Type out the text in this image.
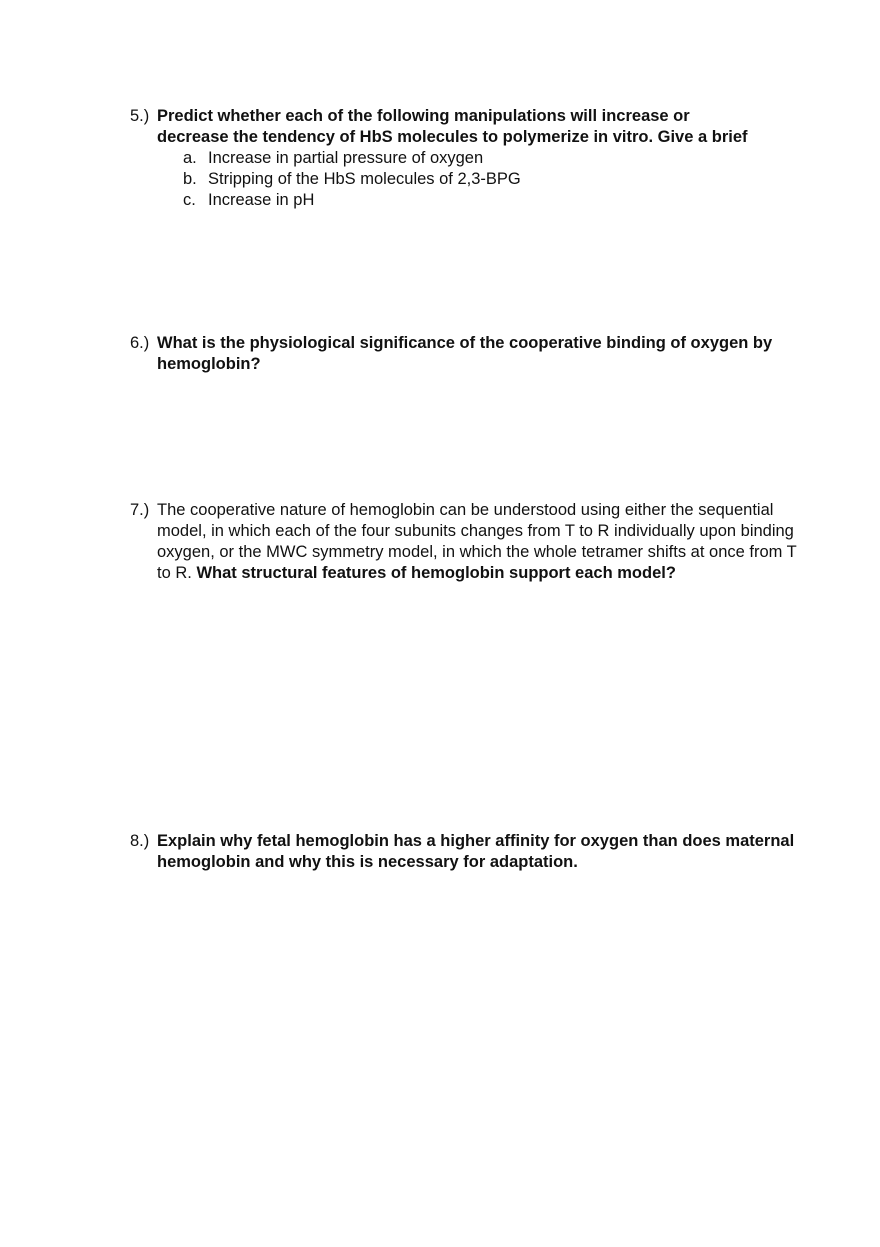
5.) Predict whether each of the following manipulations will increase or
decrease the tendency of HbS molecules to polymerize in vitro. Give a brief
a. Increase in partial pressure of oxygen
b. Stripping of the HbS molecules of 2,3-BPG
c. Increase in pH
6.) What is the physiological significance of the cooperative binding of oxygen by hemoglobin?
7.) The cooperative nature of hemoglobin can be understood using either the sequential model, in which each of the four subunits changes from T to R individually upon binding oxygen, or the MWC symmetry model, in which the whole tetramer shifts at once from T to R. What structural features of hemoglobin support each model?
8.) Explain why fetal hemoglobin has a higher affinity for oxygen than does maternal hemoglobin and why this is necessary for adaptation.
